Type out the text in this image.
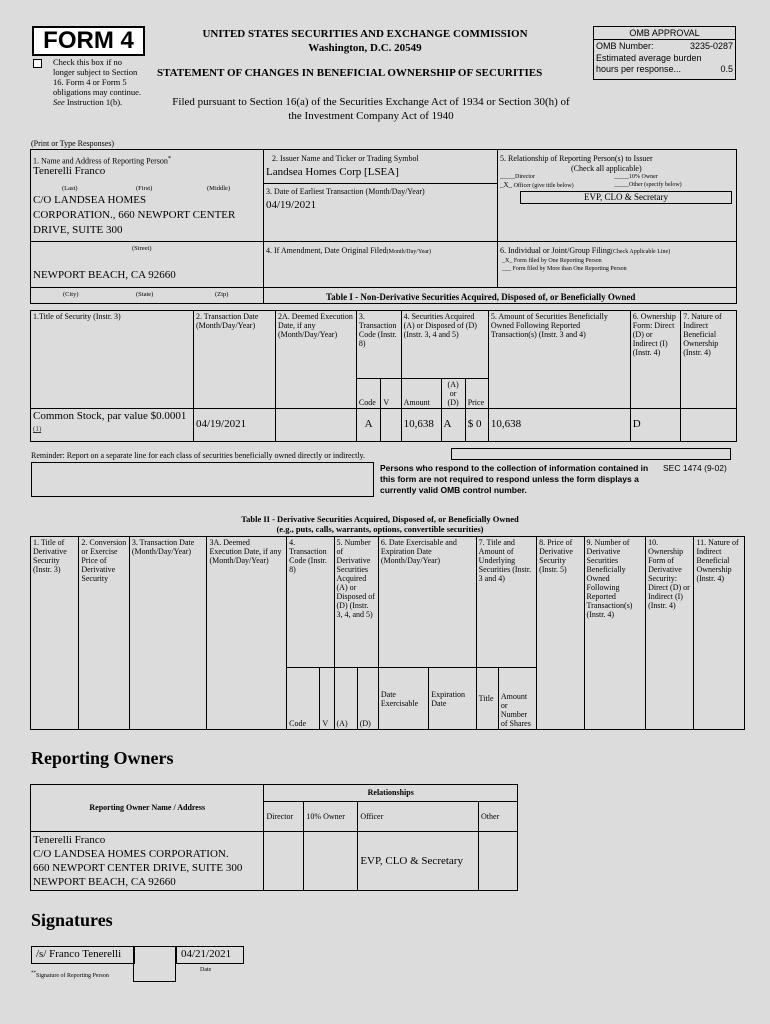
FORM 4
Check this box if no longer subject to Section 16. Form 4 or Form 5 obligations may continue. See Instruction 1(b).
UNITED STATES SECURITIES AND EXCHANGE COMMISSION
Washington, D.C. 20549
STATEMENT OF CHANGES IN BENEFICIAL OWNERSHIP OF SECURITIES
Filed pursuant to Section 16(a) of the Securities Exchange Act of 1934 or Section 30(h) of
the Investment Company Act of 1940
OMB APPROVAL
OMB Number:	3235-0287
Estimated average burden
hours per response...	0.5
(Print or Type Responses)
1. Name and Address of Reporting Person*
Tenerelli Franco
(Last)	(First)	(Middle)
C/O LANDSEA HOMES
CORPORATION., 660 NEWPORT CENTER
DRIVE, SUITE 300
(Street)
NEWPORT BEACH, CA 92660
(City)	(State)	(Zip)
2. Issuer Name and Ticker or Trading Symbol
Landsea Homes Corp [LSEA]
3. Date of Earliest Transaction (Month/Day/Year)
04/19/2021
4. If Amendment, Date Original Filed(Month/Day/Year)
5. Relationship of Reporting Person(s) to Issuer
(Check all applicable)
_____Director	_____10% Owner
_X_ Officer (give title below)	_____Other (specify below)
EVP, CLO & Secretary
6. Individual or Joint/Group Filing(Check Applicable Line)
_X_ Form filed by One Reporting Person
___ Form filed by More than One Reporting Person
Table I - Non-Derivative Securities Acquired, Disposed of, or Beneficially Owned
1.Title of Security (Instr. 3)	2. Transaction Date (Month/Day/Year)	2A. Deemed Execution Date, if any (Month/Day/Year)	3. Transaction Code (Instr. 8)		4. Securities Acquired (A) or Disposed of (D) (Instr. 3, 4 and 5)			5. Amount of Securities Beneficially Owned Following Reported Transaction(s) (Instr. 3 and 4)	6. Ownership Form: Direct (D) or Indirect (I) (Instr. 4)	7. Nature of Indirect Beneficial Ownership (Instr. 4)
			Code	V	Amount	(A) or (D)	Price			
Common Stock, par value $0.0001 $^{(1)}$	04/19/2021		A		10,638	A	$ 0	10,638	D	
Reminder: Report on a separate line for each class of securities beneficially owned directly or indirectly.
Persons who respond to the collection of information contained in this form are not required to respond unless the form displays a currently valid OMB control number.
SEC 1474 (9-02)
Table II - Derivative Securities Acquired, Disposed of, or Beneficially Owned
(e.g., puts, calls, warrants, options, convertible securities)
1. Title of Derivative Security (Instr. 3)	2. Conversion or Exercise Price of Derivative Security	3. Transaction Date (Month/Day/Year)	3A. Deemed Execution Date, if any (Month/Day/Year)	4. Transaction Code (Instr. 8)		5. Number of Derivative Securities Acquired (A) or Disposed of (D) (Instr. 3, 4, and 5)		6. Date Exercisable and Expiration Date (Month/Day/Year)		7. Title and Amount of Underlying Securities (Instr. 3 and 4)		8. Price of Derivative Security (Instr. 5)	9. Number of Derivative Securities Beneficially Owned Following Reported Transaction(s) (Instr. 4)	10. Ownership Form of Derivative Security: Direct (D) or Indirect (I) (Instr. 4)	11. Nature of Indirect Beneficial Ownership (Instr. 4)
				Code	V	(A)	(D)	Date Exercisable	Expiration Date	Title	Amount or Number of Shares				
Reporting Owners
Reporting Owner Name / Address	Relationships			
	Director	10% Owner	Officer	Other

Tenerelli Franco
C/O LANDSEA HOMES CORPORATION.
660 NEWPORT CENTER DRIVE, SUITE 300
NEWPORT BEACH, CA 92660			EVP, CLO & Secretary	
Signatures
/s/ Franco Tenerelli	04/21/2021
**Signature of Reporting Person
Date
